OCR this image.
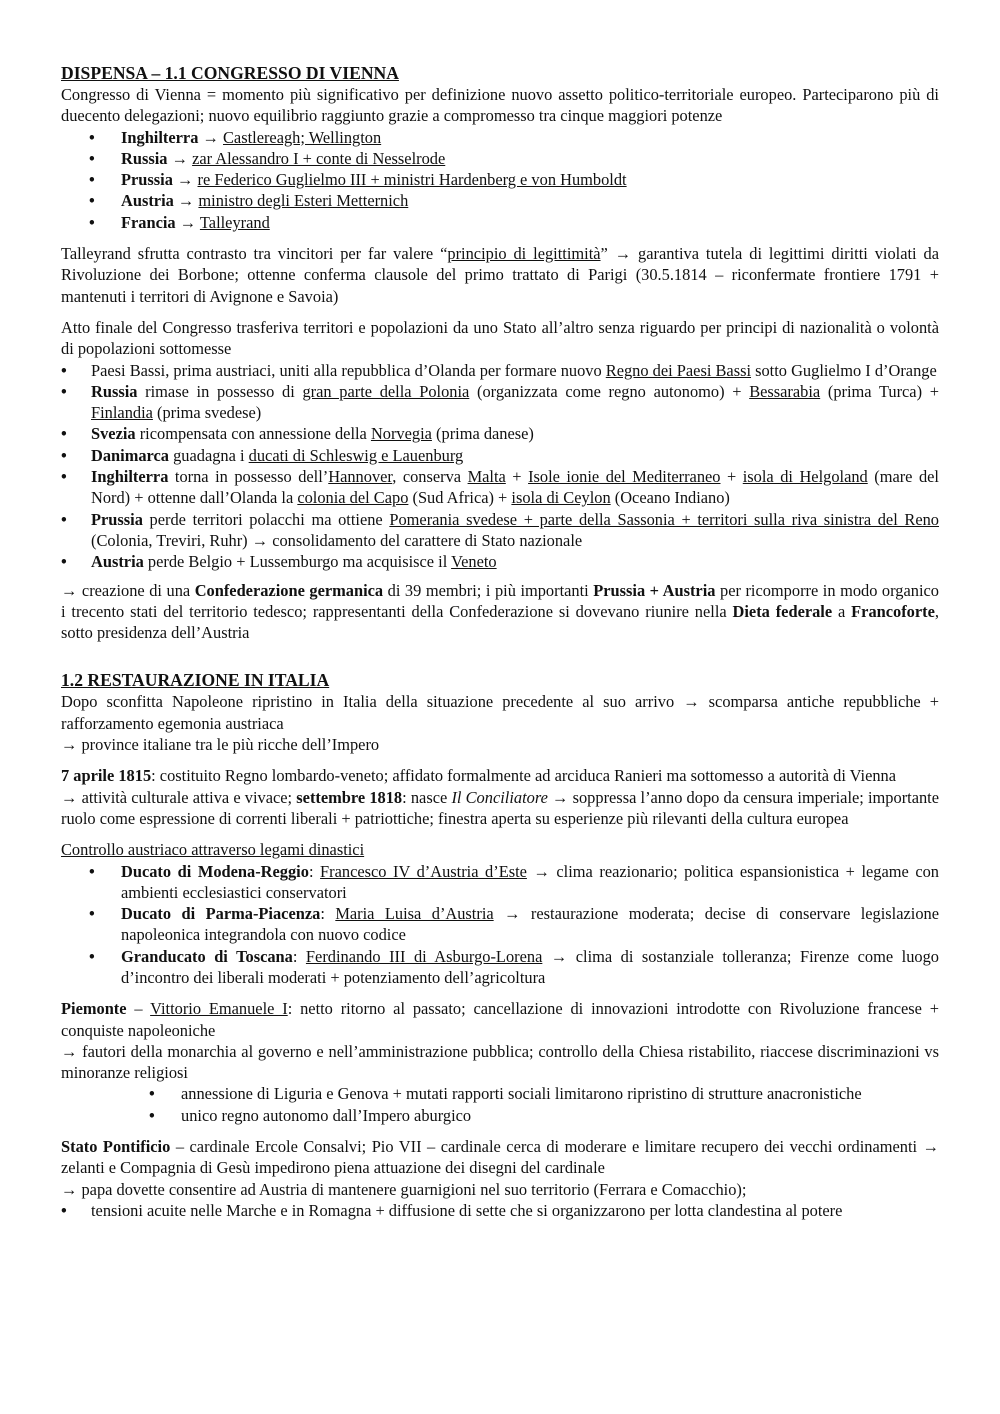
DISPENSA – 1.1 CONGRESSO DI VIENNA

Congresso di Vienna = momento più significativo per definizione nuovo assetto politico-territoriale europeo. Parteciparono più di duecento delegazioni; nuovo equilibrio raggiunto grazie a compromesso tra cinque maggiori potenze

• Inghilterra → Castlereagh; Wellington
• Russia → zar Alessandro I + conte di Nesselrode
• Prussia → re Federico Guglielmo III + ministri Hardenberg e von Humboldt
• Austria → ministro degli Esteri Metternich
• Francia → Talleyrand

Talleyrand sfrutta contrasto tra vincitori per far valere “principio di legittimità” → garantiva tutela di legittimi diritti violati da Rivoluzione dei Borbone; ottenne conferma clausole del primo trattato di Parigi (30.5.1814 – riconfermate frontiere 1791 + mantenuti i territori di Avignone e Savoia)

Atto finale del Congresso trasferiva territori e popolazioni da uno Stato all’altro senza riguardo per principi di nazionalità o volontà di popolazioni sottomesse

• Paesi Bassi, prima austriaci, uniti alla repubblica d’Olanda per formare nuovo Regno dei Paesi Bassi sotto Guglielmo I d’Orange
• Russia rimase in possesso di gran parte della Polonia (organizzata come regno autonomo) + Bessarabia (prima Turca) + Finlandia (prima svedese)
• Svezia ricompensata con annessione della Norvegia (prima danese)
• Danimarca guadagna i ducati di Schleswig e Lauenburg
• Inghilterra torna in possesso dell’Hannover, conserva Malta + Isole ionie del Mediterraneo + isola di Helgoland (mare del Nord) + ottenne dall’Olanda la colonia del Capo (Sud Africa) + isola di Ceylon (Oceano Indiano)
• Prussia perde territori polacchi ma ottiene Pomerania svedese + parte della Sassonia + territori sulla riva sinistra del Reno (Colonia, Treviri, Ruhr) → consolidamento del carattere di Stato nazionale
• Austria perde Belgio + Lussemburgo ma acquisisce il Veneto

→ creazione di una Confederazione germanica di 39 membri; i più importanti Prussia + Austria per ricomporre in modo organico i trecento stati del territorio tedesco; rappresentanti della Confederazione si dovevano riunire nella Dieta federale a Francoforte, sotto presidenza dell’Austria

1.2 RESTAURAZIONE IN ITALIA

Dopo sconfitta Napoleone ripristino in Italia della situazione precedente al suo arrivo → scomparsa antiche repubbliche + rafforzamento egemonia austriaca

→ province italiane tra le più ricche dell’Impero

7 aprile 1815: costituito Regno lombardo-veneto; affidato formalmente ad arciduca Ranieri ma sottomesso a autorità di Vienna

→ attività culturale attiva e vivace; settembre 1818: nasce Il Conciliatore → soppressa l’anno dopo da censura imperiale; importante ruolo come espressione di correnti liberali + patriottiche; finestra aperta su esperienze più rilevanti della cultura europea

Controllo austriaco attraverso legami dinastici

• Ducato di Modena-Reggio: Francesco IV d’Austria d’Este → clima reazionario; politica espansionistica + legame con ambienti ecclesiastici conservatori
• Ducato di Parma-Piacenza: Maria Luisa d’Austria → restaurazione moderata; decise di conservare legislazione napoleonica integrandola con nuovo codice
• Granducato di Toscana: Ferdinando III di Asburgo-Lorena → clima di sostanziale tolleranza; Firenze come luogo d’incontro dei liberali moderati + potenziamento dell’agricoltura

Piemonte – Vittorio Emanuele I: netto ritorno al passato; cancellazione di innovazioni introdotte con Rivoluzione francese + conquiste napoleoniche

→ fautori della monarchia al governo e nell’amministrazione pubblica; controllo della Chiesa ristabilito, riaccese discriminazioni vs minoranze religiosi

• annessione di Liguria e Genova + mutati rapporti sociali limitarono ripristino di strutture anacronistiche
• unico regno autonomo dall’Impero aburgico

Stato Pontificio – cardinale Ercole Consalvi; Pio VII – cardinale cerca di moderare e limitare recupero dei vecchi ordinamenti → zelanti e Compagnia di Gesù impedirono piena attuazione dei disegni del cardinale

→ papa dovette consentire ad Austria di mantenere guarnigioni nel suo territorio (Ferrara e Comacchio);

• tensioni acuite nelle Marche e in Romagna + diffusione di sette che si organizzarono per lotta clandestina al potere
